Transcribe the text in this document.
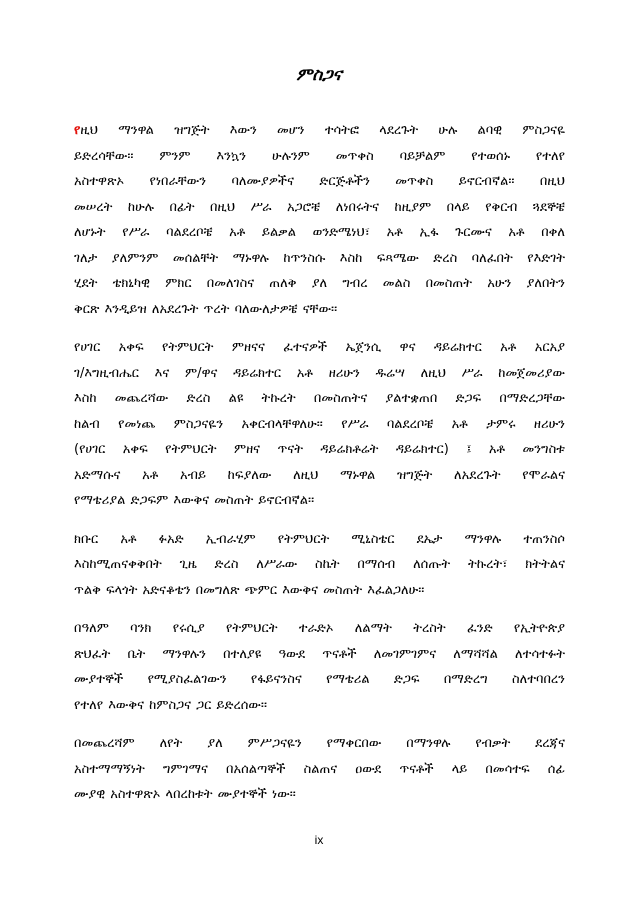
ምስጋና
የዚህ ማንዋል ዝግጅት እውን መሆን ተሳትፎ ላደረጉት ሁሉ ልባዊ ምስጋናዬ
ይድረሳቸው፡፡ ምንም እንኳን ሁሉንም መጥቀስ ባይቻልም የተወሰኑ የተለየ
አስተዋጽኦ የነበራቸውን ባለሙያዎችና ድርጅቶችን መጥቀስ ይኖርብኛል፡፡ በዚህ
መሠረት ከሁሉ በፊት በዚህ ሥራ አጋሮቼ ለነበሩትና ከዚያም በላይ የቅርብ ጓደኞቼ
ለሆኑት የሥራ ባልደረቦቼ አቶ ይልቃል ወንድሜነህ፣ አቶ ኢፋ ጉርሙና አቶ በቀለ
ገለታ ያለምንም መሰልቸት ማኑዋሉ ከጥንስሱ እስከ ፍጻሜው ድረስ ባለፈበት የእድገት
ሂደት ቴክኒካዊ ምክር በመለገስና ጠለቅ ያለ ግብረ መልስ በመስጠት አሁን ያለበትን
ቅርጽ እንዲይዝ ለአደረጉት ጥረት ባለውለታዎቼ ናቸው፡፡
የሀገር አቀፍ የትምህርት ምዘናና ፈተናዎች ኤጀንሲ ዋና ዳይሬክተር አቶ አርአያ
ገ/እግዚብሔር እና ም/ዋና ዳይሬክተር አቶ ዘሪሁን ዱሬሣ ለዚህ ሥራ ከመጀመሪያው
እስከ መጨረሻው ድረስ ልዩ ትኩረት በመስጠትና ያልተቋጠበ ድጋፍ በማድረጋቸው
ከልብ የመነጨ ምስጋናዬን አቀርብላቸዋለሁ፡፡ የሥራ ባልደረቦቼ አቶ ታምሩ ዘሪሁን
(የሀገር አቀፍ የትምህርት ምዘና ጥናት ዳይሬክቶሬት ዳይሬክተር) ፤ አቶ መንግስቱ
አድማሱና አቶ አብይ ከፍያለው ለዚህ ማኑዋል ዝግጅት ለአደረጉት የሞራልና
የማቴሪያል ድጋፍም እውቅና መስጠት ይኖርብኛል፡፡
ክቡር አቶ ፉአድ ኢብራሂም የትምህርት ሚኒስቴር ደኤታ ማንዋሉ ተጠንስሶ
እስከሚጠናቀቅበት ጊዜ ድረስ ለሥራው ስኬት በማሰብ ለሰጡት ትኩረት፣ ክትትልና
ጥልቅ ፍላጎት አድናቆቴን በመግለጽ ጭምር እውቅና መስጠት እፈልጋለሁ፡፡
በዓለም ባንክ የሩሲያ የትምህርት ተራድኦ ለልማት ትረስት ፈንድ የኢትዮጵያ
ጽህፈት ቤት ማንዋሉን በተለያዩ ዓውደ ጥናቶች ለመገምገምና ለማሻሻል ለተሳተፉት
ሙያተኞች የሚያስፈልገውን የፋይናንስና የማቴሪል ድጋፍ በማድረግ ስለተባበረን
የተለየ እውቅና ከምስጋና ጋር ይድረሰው፡፡
በመጨረሻም ለየት ያለ ምሥጋናዬን የማቀርበው በማንዋሉ የብቃት ደረጃና
አስተማማኝነት ግምገማና በአሰልጣኞች ስልጠና ዐውደ ጥናቶች ላይ በመሳተፍ ሰፊ
ሙያዊ አስተዋጽኦ ላበረከቱት ሙያተኞች ነው፡፡
ix
